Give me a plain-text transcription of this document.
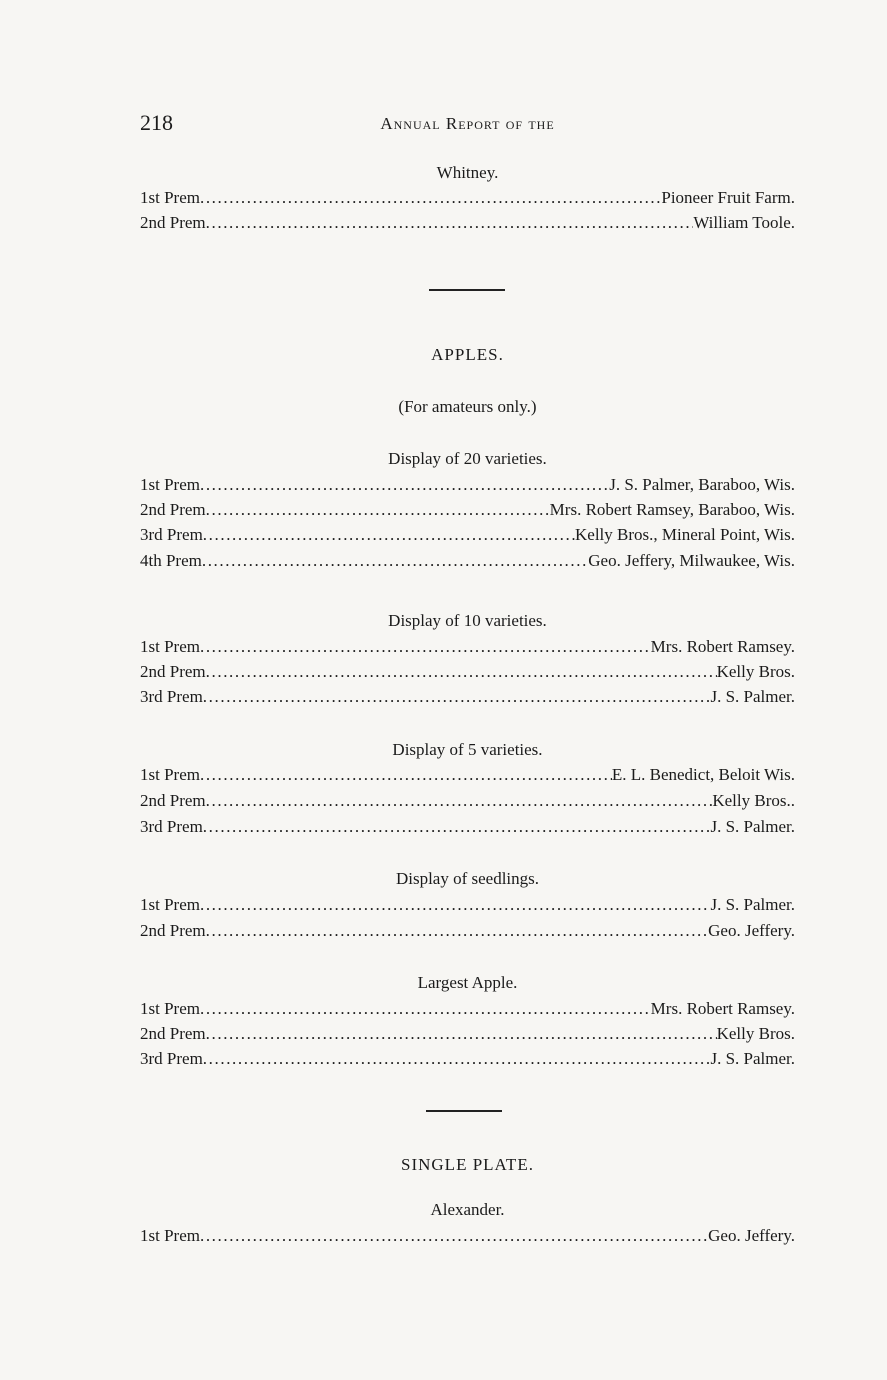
218	Annual Report of the
Whitney.
1st Prem .....	Pioneer Fruit Farm.
2nd Prem .....	William Toole.
APPLES.
(For amateurs only.)
Display of 20 varieties.
1st Prem .....	J. S. Palmer, Baraboo, Wis.
2nd Prem .....	Mrs. Robert Ramsey, Baraboo, Wis.
3rd Prem .....	Kelly Bros., Mineral Point, Wis.
4th Prem .....	Geo. Jeffery, Milwaukee, Wis.
Display of 10 varieties.
1st Prem .....	Mrs. Robert Ramsey.
2nd Prem .....	Kelly Bros.
3rd Prem .....	J. S. Palmer.
Display of 5 varieties.
1st Prem .....	E. L. Benedict, Beloit Wis.
2nd Prem .....	Kelly Bros..
3rd Prem .....	J. S. Palmer.
Display of seedlings.
1st Prem .....	J. S. Palmer.
2nd Prem .....	Geo. Jeffery.
Largest Apple.
1st Prem .....	Mrs. Robert Ramsey.
2nd Prem .....	Kelly Bros.
3rd Prem .....	J. S. Palmer.
SINGLE PLATE.
Alexander.
1st Prem .....	Geo. Jeffery.
